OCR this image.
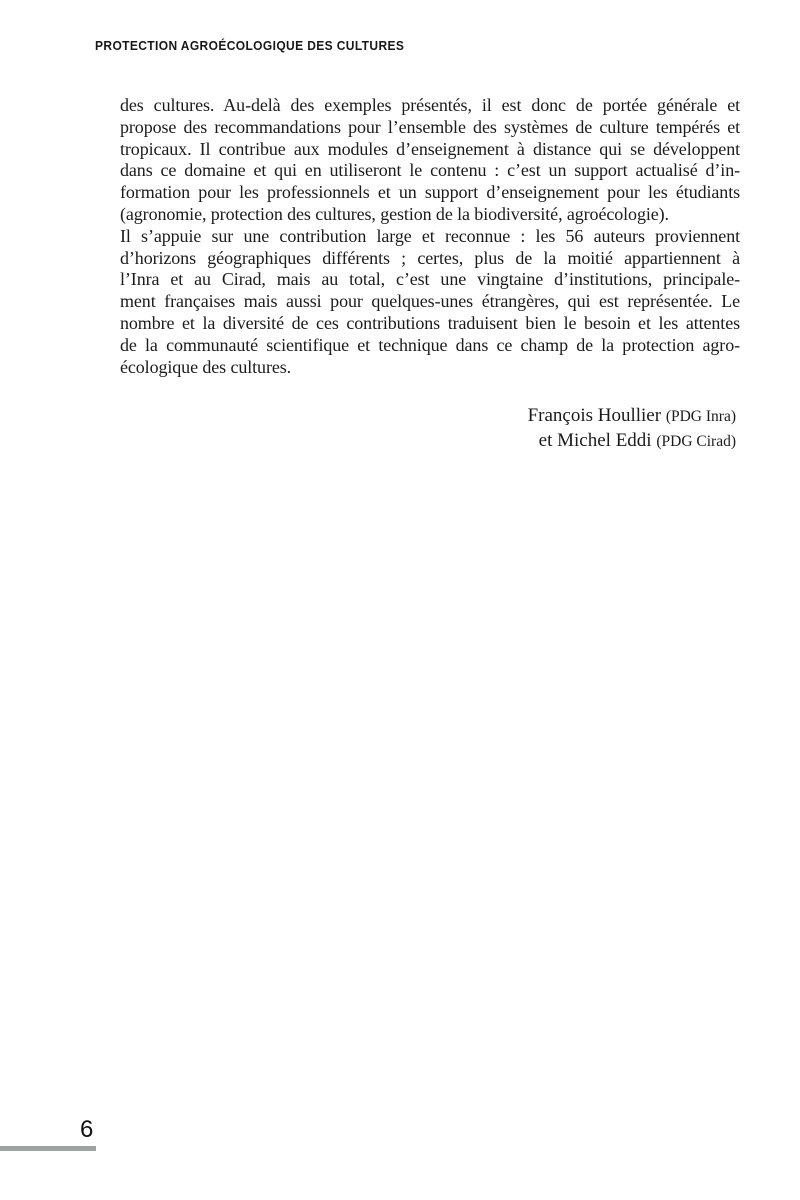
PROTECTION AGROÉCOLOGIQUE DES CULTURES
des cultures. Au-delà des exemples présentés, il est donc de portée générale et
propose des recommandations pour l’ensemble des systèmes de culture tempérés et
tropicaux. Il contribue aux modules d’enseignement à distance qui se développent
dans ce domaine et qui en utiliseront le contenu : c’est un support actualisé d’in-
formation pour les professionnels et un support d’enseignement pour les étudiants
(agronomie, protection des cultures, gestion de la biodiversité, agroécologie).
Il s’appuie sur une contribution large et reconnue : les 56 auteurs proviennent
d’horizons géographiques différents ; certes, plus de la moitié appartiennent à
l’Inra et au Cirad, mais au total, c’est une vingtaine d’institutions, principale-
ment françaises mais aussi pour quelques-unes étrangères, qui est représentée. Le
nombre et la diversité de ces contributions traduisent bien le besoin et les attentes
de la communauté scientifique et technique dans ce champ de la protection agro-
écologique des cultures.
François Houllier (PDG Inra)
et Michel Eddi (PDG Cirad)
6
